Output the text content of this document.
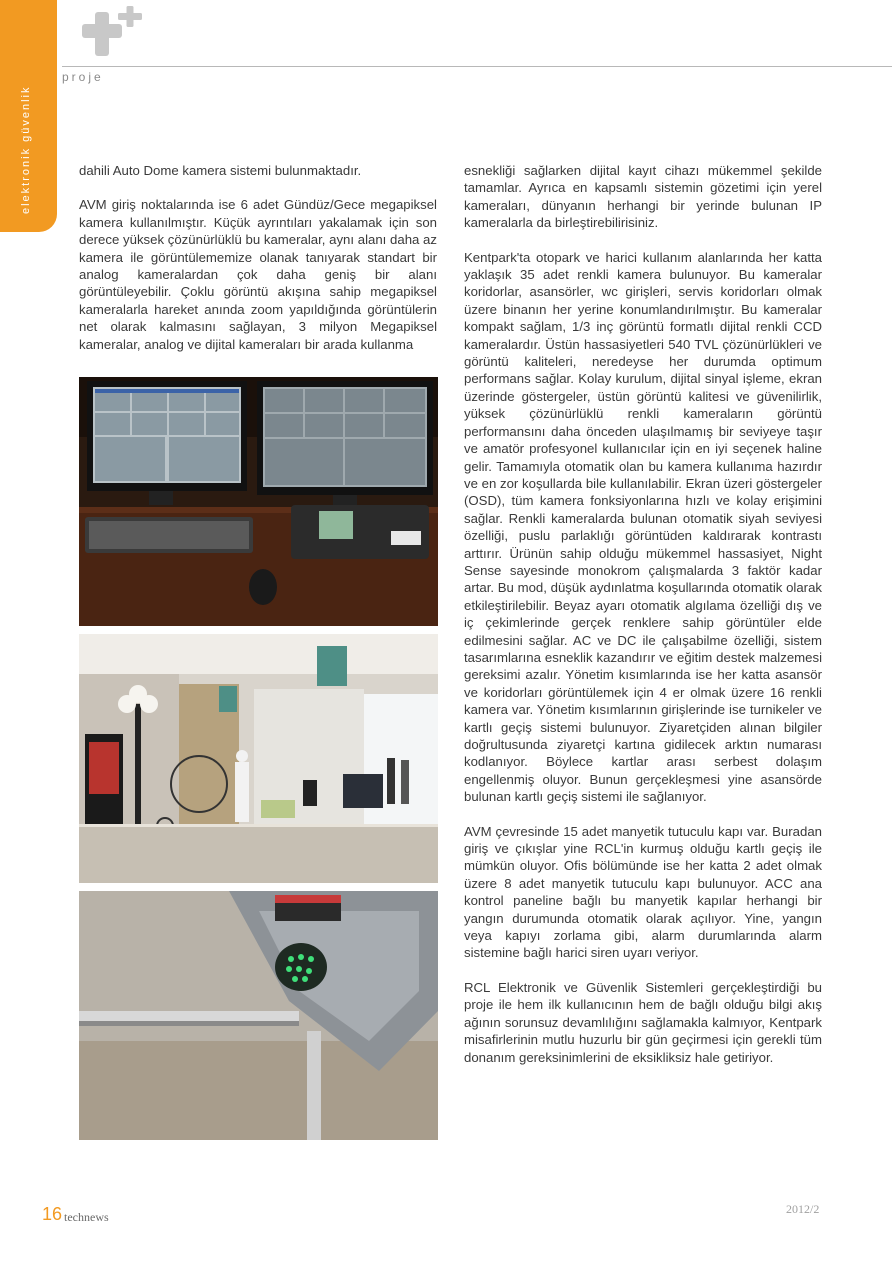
elektronik güvenlik
proje

dahili Auto Dome kamera sistemi bulunmaktadır.

AVM giriş noktalarında ise 6 adet Gündüz/Gece megapiksel kamera kullanılmıştır. Küçük ayrıntıları yakalamak için son derece yüksek çözünürlüklü bu kameralar, aynı alanı daha az kamera ile görüntülememize olanak tanıyarak standart bir analog kameralardan çok daha geniş bir alanı görüntüleyebilir. Çoklu görüntü akışına sahip megapiksel kameralarla hareket anında zoom yapıldığında görüntülerin net olarak kalmasını sağlayan, 3 milyon Megapiksel kameralar, analog ve dijital kameraları bir arada kullanma

esnekliği sağlarken dijital kayıt cihazı mükemmel şekilde tamamlar. Ayrıca en kapsamlı sistemin gözetimi için yerel kameraları, dünyanın herhangi bir yerinde bulunan IP kameralarla da birleştirebilirisiniz.

Kentpark'ta otopark ve harici kullanım alanlarında her katta yaklaşık 35 adet renkli kamera bulunuyor. Bu kameralar koridorlar, asansörler, wc girişleri, servis koridorları olmak üzere binanın her yerine konumlandırılmıştır. Bu kameralar kompakt sağlam, 1/3 inç görüntü formatlı dijital renkli CCD kameralardır. Üstün hassasiyetleri 540 TVL çözünürlükleri ve görüntü kaliteleri, neredeyse her durumda optimum performans sağlar. Kolay kurulum, dijital sinyal işleme, ekran üzerinde göstergeler, üstün görüntü kalitesi ve güvenilirlik, yüksek çözünürlüklü renkli kameraların görüntü performansını daha önceden ulaşılmamış bir seviyeye taşır ve amatör profesyonel kullanıcılar için en iyi seçenek haline gelir. Tamamıyla otomatik olan bu kamera kullanıma hazırdır ve en zor koşullarda bile kullanılabilir. Ekran üzeri göstergeler (OSD), tüm kamera fonksiyonlarına hızlı ve kolay erişimini sağlar. Renkli kameralarda bulunan otomatik siyah seviyesi özelliği, puslu parlaklığı görüntüden kaldırarak kontrastı arttırır. Ürünün sahip olduğu mükemmel hassasiyet, Night Sense sayesinde monokrom çalışmalarda 3 faktör kadar artar. Bu mod, düşük aydınlatma koşullarında otomatik olarak etkileştirilebilir. Beyaz ayarı otomatik algılama özelliği dış ve iç çekimlerinde gerçek renklere sahip görüntüler elde edilmesini sağlar. AC ve DC ile çalışabilme özelliği, sistem tasarımlarına esneklik kazandırır ve eğitim destek malzemesi gereksimi azalır. Yönetim kısımlarında ise her katta asansör ve koridorları görüntülemek için 4 er olmak üzere 16 renkli kamera var. Yönetim kısımlarının girişlerinde ise turnikeler ve kartlı geçiş sistemi bulunuyor. Ziyaretçiden alınan bilgiler doğrultusunda ziyaretçi kartına gidilecek arktın numarası kodlanıyor. Böylece kartlar arası serbest dolaşım engellenmiş oluyor. Bunun gerçekleşmesi yine asansörde bulunan kartlı geçiş sistemi ile sağlanıyor.

AVM çevresinde 15 adet manyetik tutuculu kapı var. Buradan giriş ve çıkışlar yine RCL'in kurmuş olduğu kartlı geçiş ile mümkün oluyor. Ofis bölümünde ise her katta 2 adet olmak üzere 8 adet manyetik tutuculu kapı bulunuyor. ACC ana kontrol paneline bağlı bu manyetik kapılar herhangi bir yangın durumunda otomatik olarak açılıyor. Yine, yangın veya kapıyı zorlama gibi, alarm durumlarında alarm sistemine bağlı harici siren uyarı veriyor.

RCL Elektronik ve Güvenlik Sistemleri gerçekleştirdiği bu proje ile hem ilk kullanıcının hem de bağlı olduğu bilgi akış ağının sorunsuz devamlılığını sağlamakla kalmıyor, Kentpark misafirlerinin mutlu huzurlu bir gün geçirmesi için gerekli tüm donanım gereksinimlerini de eksikliksiz hale getiriyor.

16 technews
2012/2
